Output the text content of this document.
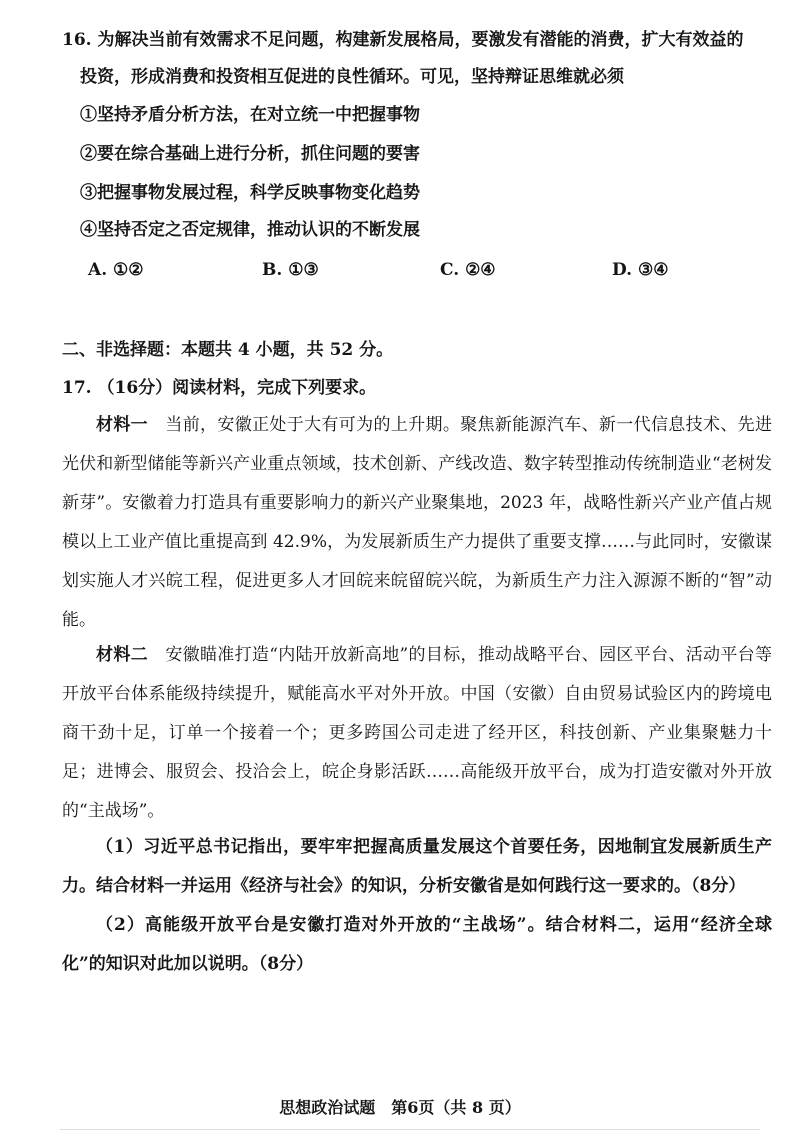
16. 为解决当前有效需求不足问题，构建新发展格局，要激发有潜能的消费，扩大有效益的
投资，形成消费和投资相互促进的良性循环。可见，坚持辩证思维就必须
①坚持矛盾分析方法，在对立统一中把握事物
②要在综合基础上进行分析，抓住问题的要害
③把握事物发展过程，科学反映事物变化趋势
④坚持否定之否定规律，推动认识的不断发展
A. ①②	B. ①③	C. ②④	D. ③④
二、非选择题：本题共 4 小题，共 52 分。
17. （16分）阅读材料，完成下列要求。

材料一　 当前，安徽正处于大有可为的上升期。聚焦新能源汽车、新一代信息技术、先进光伏和新型储能等新兴产业重点领域，技术创新、产线改造、数字转型推动传统制造业“老树发新芽”。安徽着力打造具有重要影响力的新兴产业聚集地，2023 年，战略性新兴产业产值占规模以上工业产值比重提高到 42.9%，为发展新质生产力提供了重要支撑……与此同时，安徽谋划实施人才兴皖工程，促进更多人才回皖来皖留皖兴皖，为新质生产力注入源源不断的“智”动能。

材料二　 安徽瞄准打造“内陆开放新高地”的目标，推动战略平台、园区平台、活动平台等开放平台体系能级持续提升，赋能高水平对外开放。中国（安徽）自由贸易试验区内的跨境电商干劲十足，订单一个接着一个；更多跨国公司走进了经开区，科技创新、产业集聚魅力十足；进博会、服贸会、投洽会上，皖企身影活跃……高能级开放平台，成为打造安徽对外开放的“主战场”。

（1）习近平总书记指出，要牢牢把握高质量发展这个首要任务，因地制宜发展新质生产力。结合材料一并运用《经济与社会》的知识，分析安徽省是如何践行这一要求的。（8分）

（2）高能级开放平台是安徽打造对外开放的“主战场”。结合材料二，运用“经济全球化”的知识对此加以说明。（8分）

思想政治试题　第6页（共 8 页）
